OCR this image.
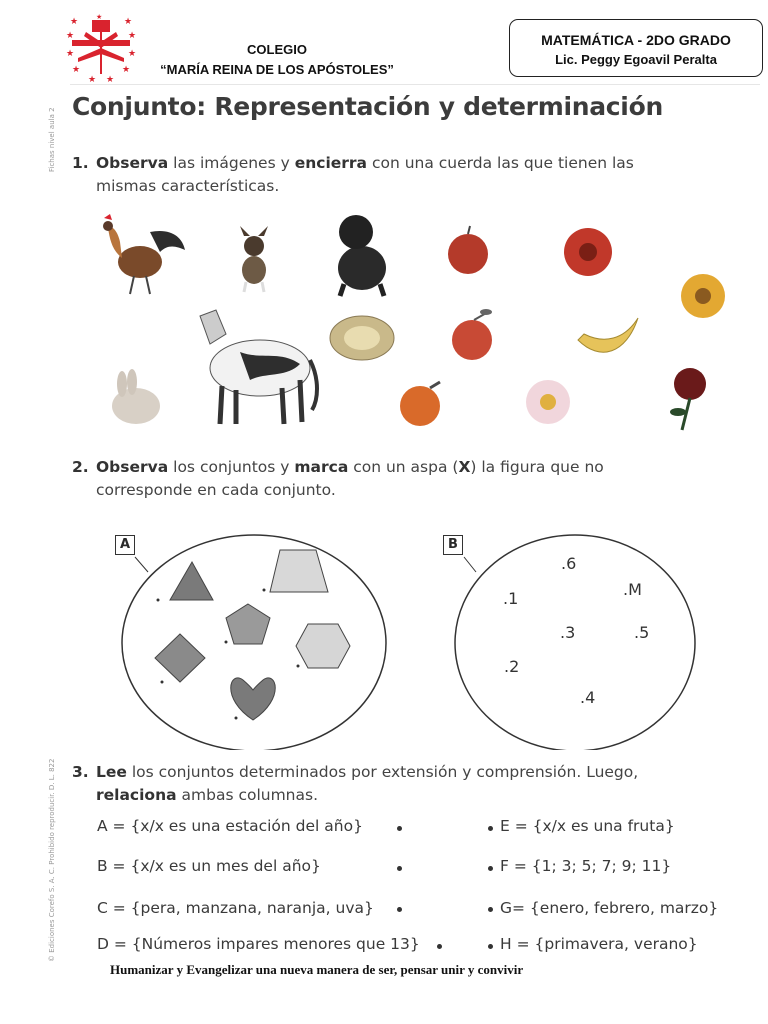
★	★
★	★
★	★
★	★
★ ★
★
COLEGIO
“MARÍA REINA DE LOS APÓSTOLES”
MATEMÁTICA - 2DO GRADO
Lic. Peggy Egoavil Peralta
Fichas nivel aula 2
© Ediciones Corefo S. A. C. Prohibido reproducir. D. L. 822
Conjunto: Representación y determinación
1. Observa las imágenes y encierra con una cuerda las que tienen las
mismas características.
2. Observa los conjuntos y marca con un aspa (X) la figura que no
corresponde en cada conjunto.
A	B
.6
.1	.M
.3	.5
.2
.4
3. Lee los conjuntos determinados por extensión y comprensión. Luego,
relaciona ambas columnas.
A = {x/x es una estación del año}
B = {x/x es un mes del año}
C = {pera, manzana, naranja, uva}
D = {Números impares menores que 13}
E = {x/x es una fruta}
F = {1; 3; 5; 7; 9; 11}
G= {enero, febrero, marzo}
H = {primavera, verano}
Humanizar y Evangelizar una nueva manera de ser, pensar unir y convivir
